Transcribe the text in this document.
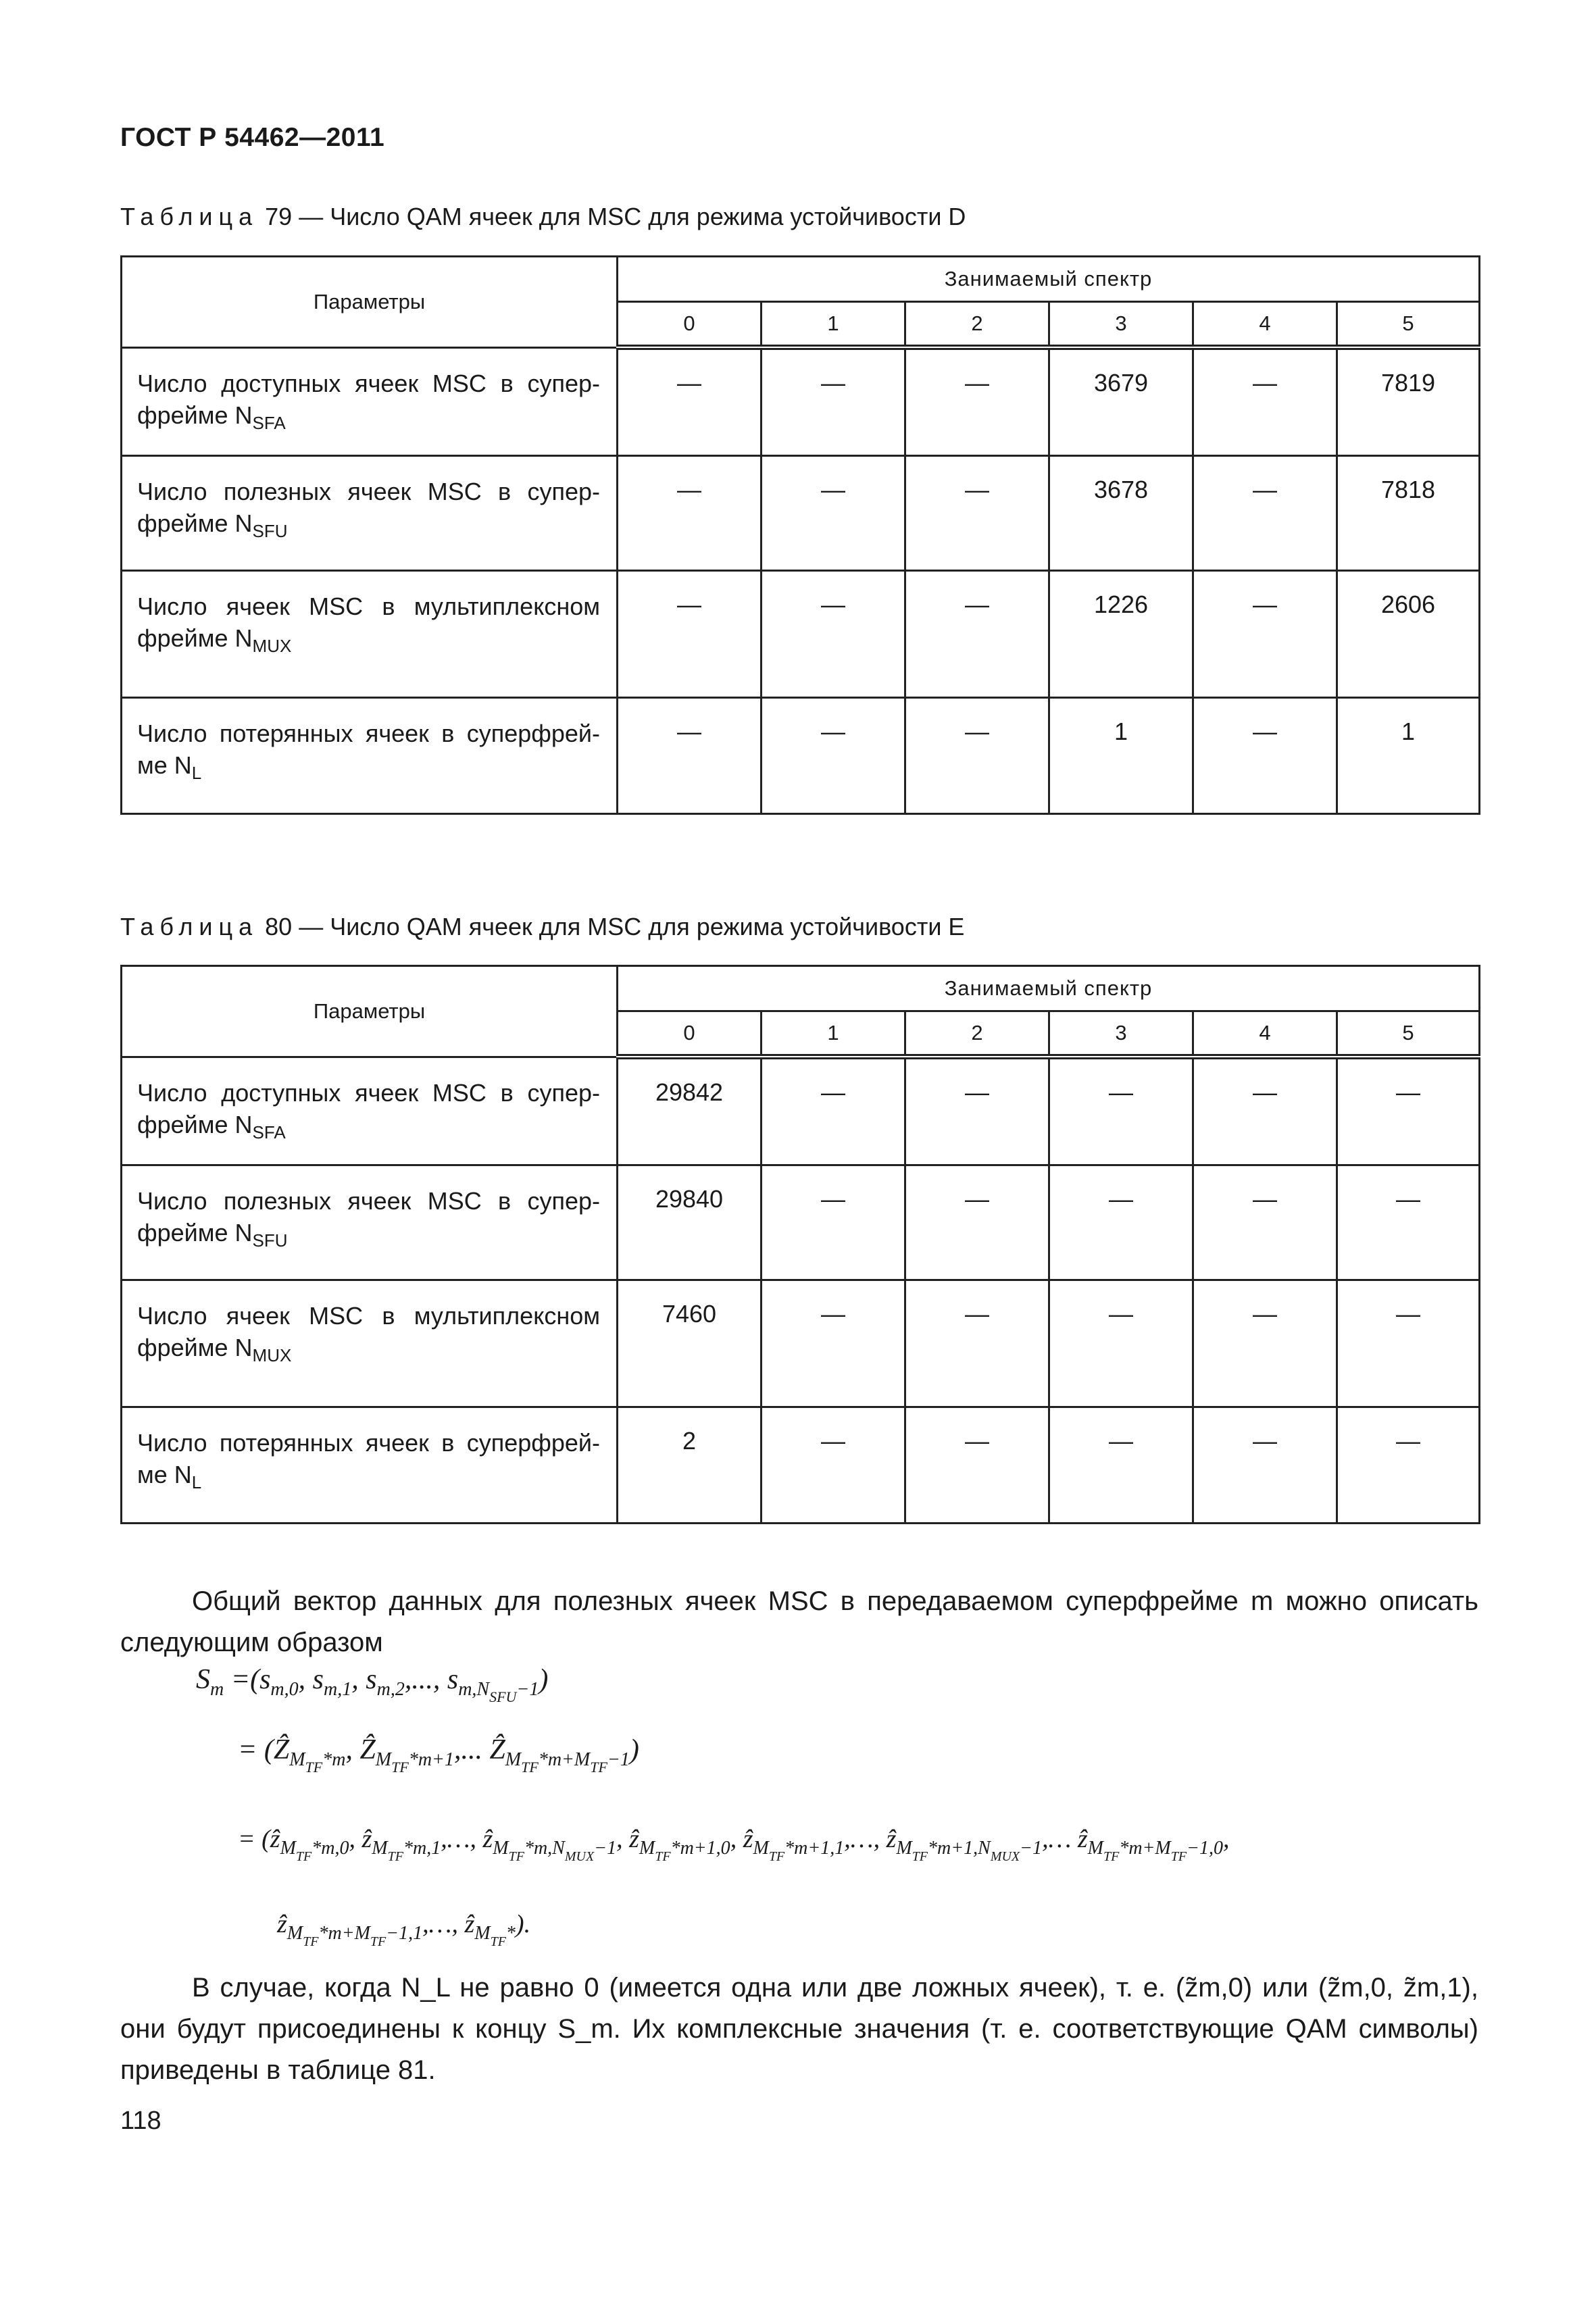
ГОСТ Р 54462—2011
Таблица 79 — Число QAM ячеек для MSC для режима устойчивости D
Параметры	Занимаемый спектр					
	0	1	2	3	4	5
Число доступных ячеек MSC в супер-фрейме $N_{SFA}$	—	—	—	3679	—	7819
Число полезных ячеек MSC в супер-фрейме $N_{SFU}$	—	—	—	3678	—	7818
Число ячеек MSC в мультиплексном фрейме $N_{MUX}$	—	—	—	1226	—	2606
Число потерянных ячеек в суперфрей-ме $N_L$	—	—	—	1	—	1
Таблица 80 — Число QAM ячеек для MSC для режима устойчивости E
Параметры	Занимаемый спектр					
	0	1	2	3	4	5
Число доступных ячеек MSC в супер-фрейме $N_{SFA}$	29842	—	—	—	—	—
Число полезных ячеек MSC в супер-фрейме $N_{SFU}$	29840	—	—	—	—	—
Число ячеек MSC в мультиплексном фрейме $N_{MUX}$	7460	—	—	—	—	—
Число потерянных ячеек в суперфрей-ме $N_L$	2	—	—	—	—	—
Общий вектор данных для полезных ячеек MSC в передаваемом суперфрейме m можно описать следующим образом
$S_m =(s_{m,0}$, $s_{m,1}$, $s_{m,2}$,..., $s_{m,N_{SFU}-1}$)
= (Ẑ$_{M_{TF}*m}$, Ẑ$_{M_{TF}*m+1}$,... Ẑ$_{M_{TF}*m+M_{TF}-1}$)
= (ẑ$_{M_{TF}*m,0}$, ẑ$_{M_{TF}*m,1}$,…, ẑ$_{M_{TF}*m,N_{MUX}-1}$, ẑ$_{M_{TF}*m+1,0}$, ẑ$_{M_{TF}*m+1,1}$,…, ẑ$_{M_{TF}*m+1,N_{MUX}-1}$,… ẑ$_{M_{TF}*m+M_{TF}-1,0}$,
ẑ$_{M_{TF}*m+M_{TF}-1,1}$,…, ẑ$_{M_{TF}*}$).
В случае, когда N_L не равно 0 (имеется одна или две ложных ячеек), т. е. (z̃m,0) или (z̃m,0, z̃m,1), они будут присоединены к концу S_m. Их комплексные значения (т. е. соответствующие QAM символы) приведены в таблице 81.
118
